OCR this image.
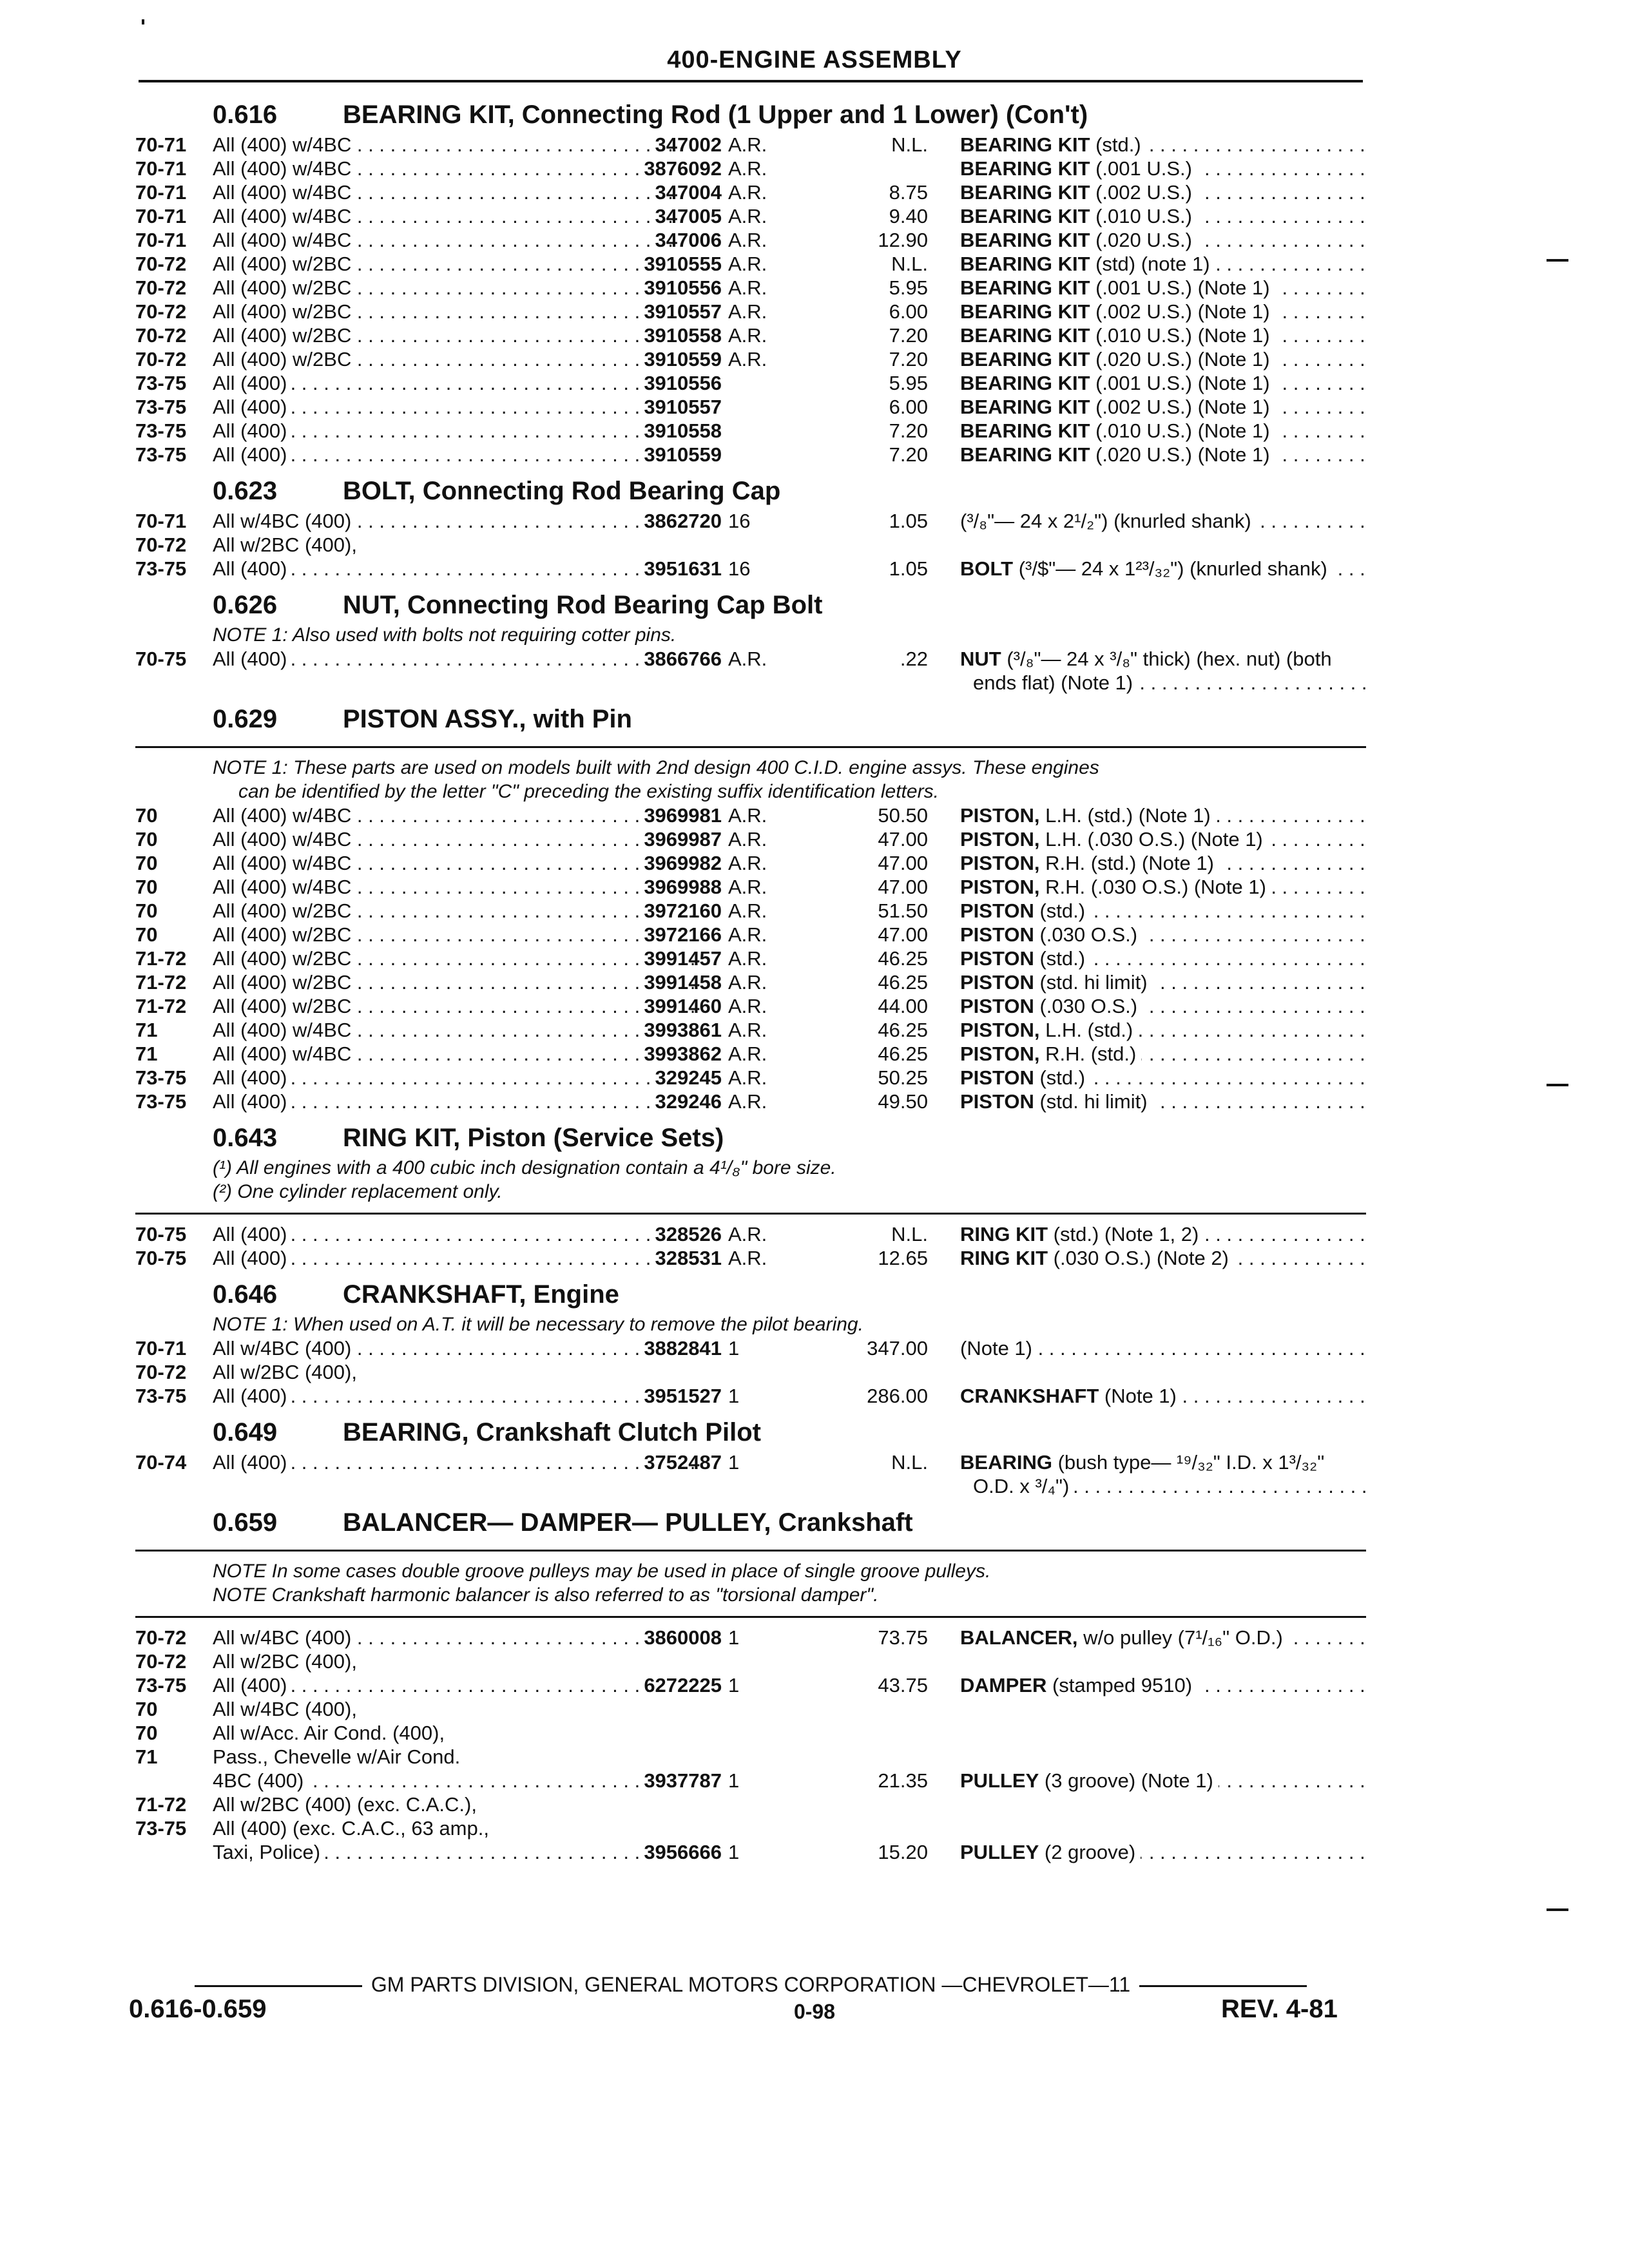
400-ENGINE ASSEMBLY
0.616	BEARING KIT, Connecting Rod (1 Upper and 1 Lower) (Con't)
70-71 All (400) w/4BC . . .	347002 A.R.	N.L. BEARING KIT (std.) . . .
70-71 All (400) w/4BC . . .	3876092 A.R.	BEARING KIT (.001 U.S.) . . .
70-71 All (400) w/4BC . . .	347004 A.R.	8.75 BEARING KIT (.002 U.S.) . . .
70-71 All (400) w/4BC . . .	347005 A.R.	9.40 BEARING KIT (.010 U.S.) . . .
70-71 All (400) w/4BC . . .	347006 A.R.	12.90 BEARING KIT (.020 U.S.) . . .
70-72 All (400) w/2BC . . .	3910555 A.R.	N.L. BEARING KIT (std) (note 1) . . .
70-72 All (400) w/2BC . . .	3910556 A.R.	5.95 BEARING KIT (.001 U.S.) (Note 1) . . .
70-72 All (400) w/2BC . . .	3910557 A.R.	6.00 BEARING KIT (.002 U.S.) (Note 1) . . .
70-72 All (400) w/2BC . . .	3910558 A.R.	7.20 BEARING KIT (.010 U.S.) (Note 1) . . .
70-72 All (400) w/2BC . . .	3910559 A.R.	7.20 BEARING KIT (.020 U.S.) (Note 1) . . .
73-75 All (400) . . .	3910556	5.95 BEARING KIT (.001 U.S.) (Note 1) . . .
73-75 All (400) . . .	3910557	6.00 BEARING KIT (.002 U.S.) (Note 1) . . .
73-75 All (400) . . .	3910558	7.20 BEARING KIT (.010 U.S.) (Note 1) . . .
73-75 All (400) . . .	3910559	7.20 BEARING KIT (.020 U.S.) (Note 1) . . .
0.623	BOLT, Connecting Rod Bearing Cap
70-71 All w/4BC (400) . . .	3862720 16	1.05 (³/₈"— 24 x 2¹/₂") (knurled shank) . . .
70-72 All w/2BC (400),
73-75 All (400) . . .	3951631 16	1.05 BOLT (³/$"— 24 x 1²³/₃₂") (knurled shank) . . .
0.626	NUT, Connecting Rod Bearing Cap Bolt
NOTE 1: Also used with bolts not requiring cotter pins.
70-75 All (400) . . .	3866766 A.R.	.22 NUT (³/₈"— 24 x ³/₈" thick) (hex. nut) (both
ends flat) (Note 1) . . .
0.629	PISTON ASSY., with Pin
NOTE 1: These parts are used on models built with 2nd design 400 C.I.D. engine assys. These engines
can be identified by the letter "C" preceding the existing suffix identification letters.
70	All (400) w/4BC . . .	3969981 A.R.	50.50 PISTON, L.H. (std.) (Note 1) . . .
70	All (400) w/4BC . . .	3969987 A.R.	47.00 PISTON, L.H. (.030 O.S.) (Note 1) . . .
70	All (400) w/4BC . . .	3969982 A.R.	47.00 PISTON, R.H. (std.) (Note 1) . . .
70	All (400) w/4BC . . .	3969988 A.R.	47.00 PISTON, R.H. (.030 O.S.) (Note 1) . . .
70	All (400) w/2BC . . .	3972160 A.R.	51.50 PISTON (std.) . . .
70	All (400) w/2BC . . .	3972166 A.R.	47.00 PISTON (.030 O.S.) . . .
71-72 All (400) w/2BC . . .	3991457 A.R.	46.25 PISTON (std.) . . .
71-72 All (400) w/2BC . . .	3991458 A.R.	46.25 PISTON (std. hi limit) . . .
71-72 All (400) w/2BC . . .	3991460 A.R.	44.00 PISTON (.030 O.S.) . . .
71	All (400) w/4BC . . .	3993861 A.R.	46.25 PISTON, L.H. (std.) . . .
71	All (400) w/4BC . . .	3993862 A.R.	46.25 PISTON, R.H. (std.) . . .
73-75 All (400) . . .	329245 A.R.	50.25 PISTON (std.) . . .
73-75 All (400) . . .	329246 A.R.	49.50 PISTON (std. hi limit) . . .
0.643	RING KIT, Piston (Service Sets)
(¹) All engines with a 400 cubic inch designation contain a 4¹/₈" bore size.
(²) One cylinder replacement only.
70-75 All (400) . . .	328526 A.R.	N.L. RING KIT (std.) (Note 1, 2) . . .
70-75 All (400) . . .	328531 A.R.	12.65 RING KIT (.030 O.S.) (Note 2) . . .
0.646	CRANKSHAFT, Engine
NOTE 1: When used on A.T. it will be necessary to remove the pilot bearing.
70-71 All w/4BC (400) . . .	3882841 1	347.00 (Note 1) . . .
70-72 All w/2BC (400),
73-75 All (400) . . .	3951527 1	286.00 CRANKSHAFT (Note 1) . . .
0.649	BEARING, Crankshaft Clutch Pilot
70-74 All (400) . . .	3752487 1	N.L. BEARING (bush type— ¹⁹/₃₂" I.D. x 1³/₃₂"
O.D. x ³/₄") . . .
0.659	BALANCER— DAMPER— PULLEY, Crankshaft
NOTE In some cases double groove pulleys may be used in place of single groove pulleys.
NOTE Crankshaft harmonic balancer is also referred to as "torsional damper".
70-72 All w/4BC (400) . . .	3860008 1	73.75 BALANCER, w/o pulley (7¹/₁₆" O.D.) . . .
70-72 All w/2BC (400),
73-75 All (400) . . .	6272225 1	43.75 DAMPER (stamped 9510) . . .
70	All w/4BC (400),
70	All w/Acc. Air Cond. (400),
71	Pass., Chevelle w/Air Cond.
4BC (400) . . .	3937787 1	21.35 PULLEY (3 groove) (Note 1) . . .
71-72 All w/2BC (400) (exc. C.A.C.),
73-75 All (400) (exc. C.A.C., 63 amp.,
Taxi, Police) . . .	3956666 1	15.20 PULLEY (2 groove) . . .
GM PARTS DIVISION, GENERAL MOTORS CORPORATION —CHEVROLET—11
0.616-0.659	0-98	REV. 4-81
